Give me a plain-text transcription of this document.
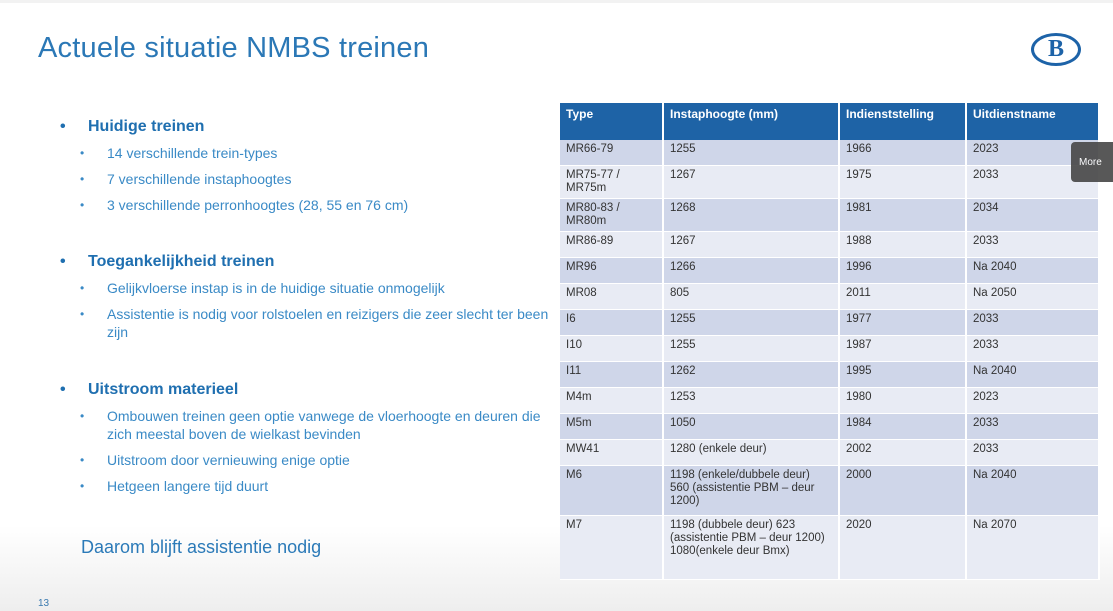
Actuele situatie NMBS treinen	B
• Huidige treinen
• 14 verschillende trein-types
• 7 verschillende instaphoogtes
• 3 verschillende perronhoogtes (28, 55 en 76 cm)
• Toegankelijkheid treinen
• Gelijkvloerse instap is in de huidige situatie onmogelijk
• Assistentie is nodig voor rolstoelen en reizigers die zeer slecht ter been zijn
• Uitstroom materieel
• Ombouwen treinen geen optie vanwege de vloerhoogte en deuren die zich meestal boven de wielkast bevinden
• Uitstroom door vernieuwing enige optie
• Hetgeen langere tijd duurt
Daarom blijft assistentie nodig
13
Type	Instaphoogte (mm)	Indienststelling	Uitdienstname
MR66-79	1255	1966	2023
MR75-77 / MR75m	1267	1975	2033
MR80-83 / MR80m	1268	1981	2034
MR86-89	1267	1988	2033
MR96	1266	1996	Na 2040
MR08	805	2011	Na 2050
I6	1255	1977	2033
I10	1255	1987	2033
I11	1262	1995	Na 2040
M4m	1253	1980	2023
M5m	1050	1984	2033
MW41	1280 (enkele deur)	2002	2033
M6	1198 (enkele/dubbele deur) 560 (assistentie PBM – deur 1200)	2000	Na 2040
M7	1198 (dubbele deur) 623 (assistentie PBM – deur 1200) 1080(enkele deur Bmx)	2020	Na 2070
More
